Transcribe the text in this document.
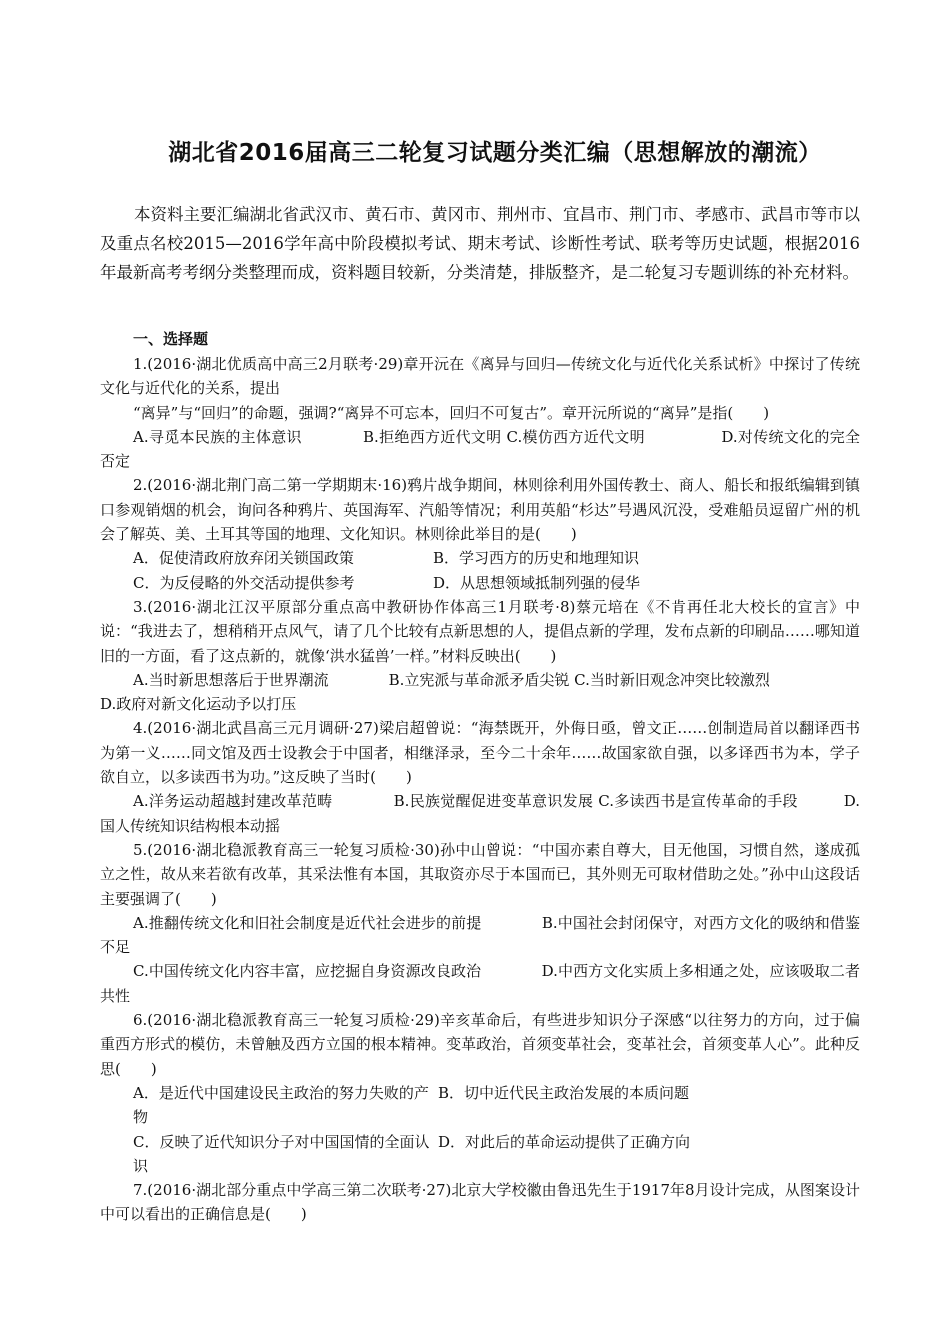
湖北省2016届高三二轮复习试题分类汇编（思想解放的潮流）
本资料主要汇编湖北省武汉市、黄石市、黄冈市、荆州市、宜昌市、荆门市、孝感市、武昌市等市以及重点名校2015—2016学年高中阶段模拟考试、期末考试、诊断性考试、联考等历史试题，根据2016年最新高考考纲分类整理而成，资料题目较新，分类清楚，排版整齐，是二轮复习专题训练的补充材料。
一、选择题

1.(2016·湖北优质高中高三2月联考·29)章开沅在《离异与回归—传统文化与近代化关系试析》中探讨了传统文化与近代化的关系，提出

“离异”与“回归”的命题，强调?“离异不可忘本，回归不可复古”。章开沅所说的“离异”是指(　　)

A.寻觅本民族的主体意识　　　　B.拒绝西方近代文明 C.模仿西方近代文明　　　　　D.对传统文化的完全否定

2.(2016·湖北荆门高二第一学期期末·16)鸦片战争期间，林则徐利用外国传教士、商人、船长和报纸编辑到镇口参观销烟的机会，询问各种鸦片、英国海军、汽船等情况；利用英船“杉达”号遇风沉没，受难船员逗留广州的机会了解英、美、土耳其等国的地理、文化知识。林则徐此举目的是(　　)

A．促使清政府放弃闭关锁国政策	B．学习西方的历史和地理知识
C．为反侵略的外交活动提供参考	D．从思想领域抵制列强的侵华

3.(2016·湖北江汉平原部分重点高中教研协作体高三1月联考·8)蔡元培在《不肯再任北大校长的宣言》中说：“我进去了，想稍稍开点风气，请了几个比较有点新思想的人，提倡点新的学理，发布点新的印刷品……哪知道旧的一方面，看了这点新的，就像‘洪水猛兽’一样。”材料反映出(　　)

A.当时新思想落后于世界潮流　　　　B.立宪派与革命派矛盾尖锐 C.当时新旧观念冲突比较激烈

D.政府对新文化运动予以打压

4.(2016·湖北武昌高三元月调研·27)梁启超曾说：“海禁既开，外侮日亟，曾文正……创制造局首以翻译西书为第一义……同文馆及西士设教会于中国者，相继泽录，至今二十余年……故国家欲自强，以多译西书为本，学子欲自立，以多读西书为功。”这反映了当时(　　)

A.洋务运动超越封建改革范畴　　　　B.民族觉醒促进变革意识发展 C.多读西书是宣传革命的手段　　　D.国人传统知识结构根本动摇

5.(2016·湖北稳派教育高三一轮复习质检·30)孙中山曾说：“中国亦素自尊大，目无他国，习惯自然，遂成孤立之性，故从来若欲有改革，其采法惟有本国，其取资亦尽于本国而已，其外则无可取材借助之处。”孙中山这段话主要强调了(　　)

A.推翻传统文化和旧社会制度是近代社会进步的前提　　　　B.中国社会封闭保守，对西方文化的吸纳和借鉴不足

C.中国传统文化内容丰富，应挖掘自身资源改良政治　　　　D.中西方文化实质上多相通之处，应该吸取二者共性

6.(2016·湖北稳派教育高三一轮复习质检·29)辛亥革命后，有些进步知识分子深感“以往努力的方向，过于偏重西方形式的模仿，未曾触及西方立国的根本精神。变革政治，首须变革社会，变革社会，首须变革人心”。此种反思(　　)

A．是近代中国建设民主政治的努力失败的产物
B．切中近代民主政治发展的本质问题
C．反映了近代知识分子对中国国情的全面认识
D．对此后的革命运动提供了正确方向

7.(2016·湖北部分重点中学高三第二次联考·27)北京大学校徽由鲁迅先生于1917年8月设计完成，从图案设计中可以看出的正确信息是(　　)
